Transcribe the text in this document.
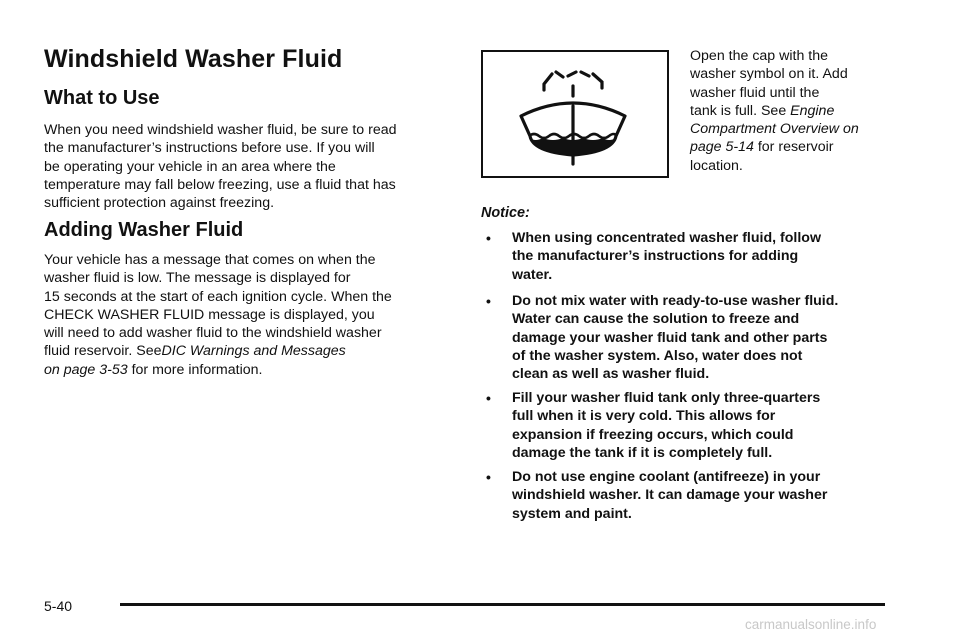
Windshield Washer Fluid
What to Use
When you need windshield washer fluid, be sure to read
the manufacturer’s instructions before use. If you will
be operating your vehicle in an area where the
temperature may fall below freezing, use a fluid that has
sufficient protection against freezing.
Adding Washer Fluid
Your vehicle has a message that comes on when the
washer fluid is low. The message is displayed for
15 seconds at the start of each ignition cycle. When the
CHECK WASHER FLUID message is displayed, you
will need to add washer fluid to the windshield washer
fluid reservoir. SeeDIC Warnings and Messages
on page 3-53 for more information.
Open the cap with the
washer symbol on it. Add
washer fluid until the
tank is full. See Engine
Compartment Overview on
page 5-14 for reservoir
location.
Notice:
• When using concentrated washer fluid, follow
the manufacturer’s instructions for adding
water.
• Do not mix water with ready-to-use washer fluid.
Water can cause the solution to freeze and
damage your washer fluid tank and other parts
of the washer system. Also, water does not
clean as well as washer fluid.
• Fill your washer fluid tank only three-quarters
full when it is very cold. This allows for
expansion if freezing occurs, which could
damage the tank if it is completely full.
• Do not use engine coolant (antifreeze) in your
windshield washer. It can damage your washer
system and paint.
5-40
carmanualsonline.info
